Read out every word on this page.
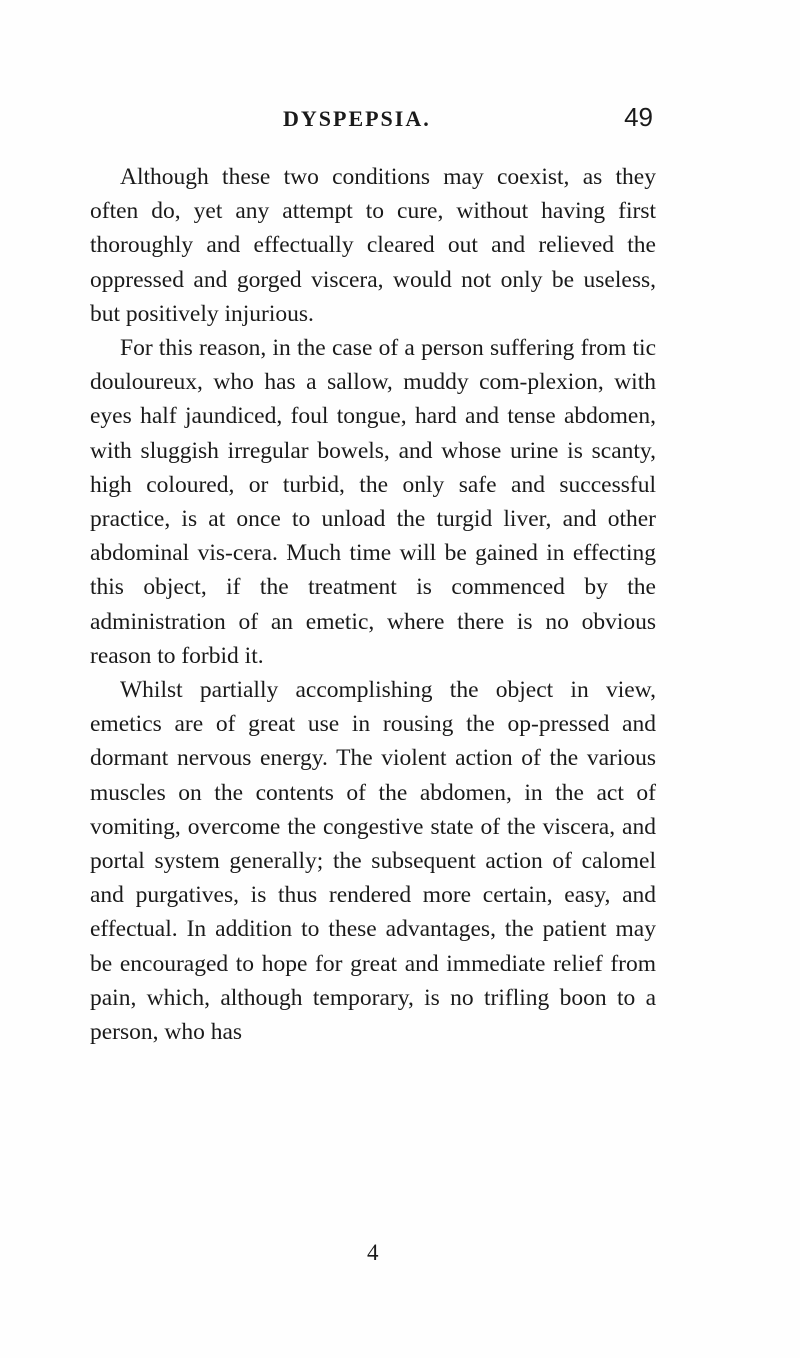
DYSPEPSIA.	49

Although these two conditions may coexist, as they often do, yet any attempt to cure, without having first thoroughly and effectually cleared out and relieved the oppressed and gorged viscera, would not only be useless, but positively injurious.

For this reason, in the case of a person suffering from tic douloureux, who has a sallow, muddy com-plexion, with eyes half jaundiced, foul tongue, hard and tense abdomen, with sluggish irregular bowels, and whose urine is scanty, high coloured, or turbid, the only safe and successful practice, is at once to unload the turgid liver, and other abdominal vis-cera. Much time will be gained in effecting this object, if the treatment is commenced by the administration of an emetic, where there is no obvious reason to forbid it.

Whilst partially accomplishing the object in view, emetics are of great use in rousing the op-pressed and dormant nervous energy. The violent action of the various muscles on the contents of the abdomen, in the act of vomiting, overcome the congestive state of the viscera, and portal system generally; the subsequent action of calomel and purgatives, is thus rendered more certain, easy, and effectual. In addition to these advantages, the patient may be encouraged to hope for great and immediate relief from pain, which, although temporary, is no trifling boon to a person, who has

4
